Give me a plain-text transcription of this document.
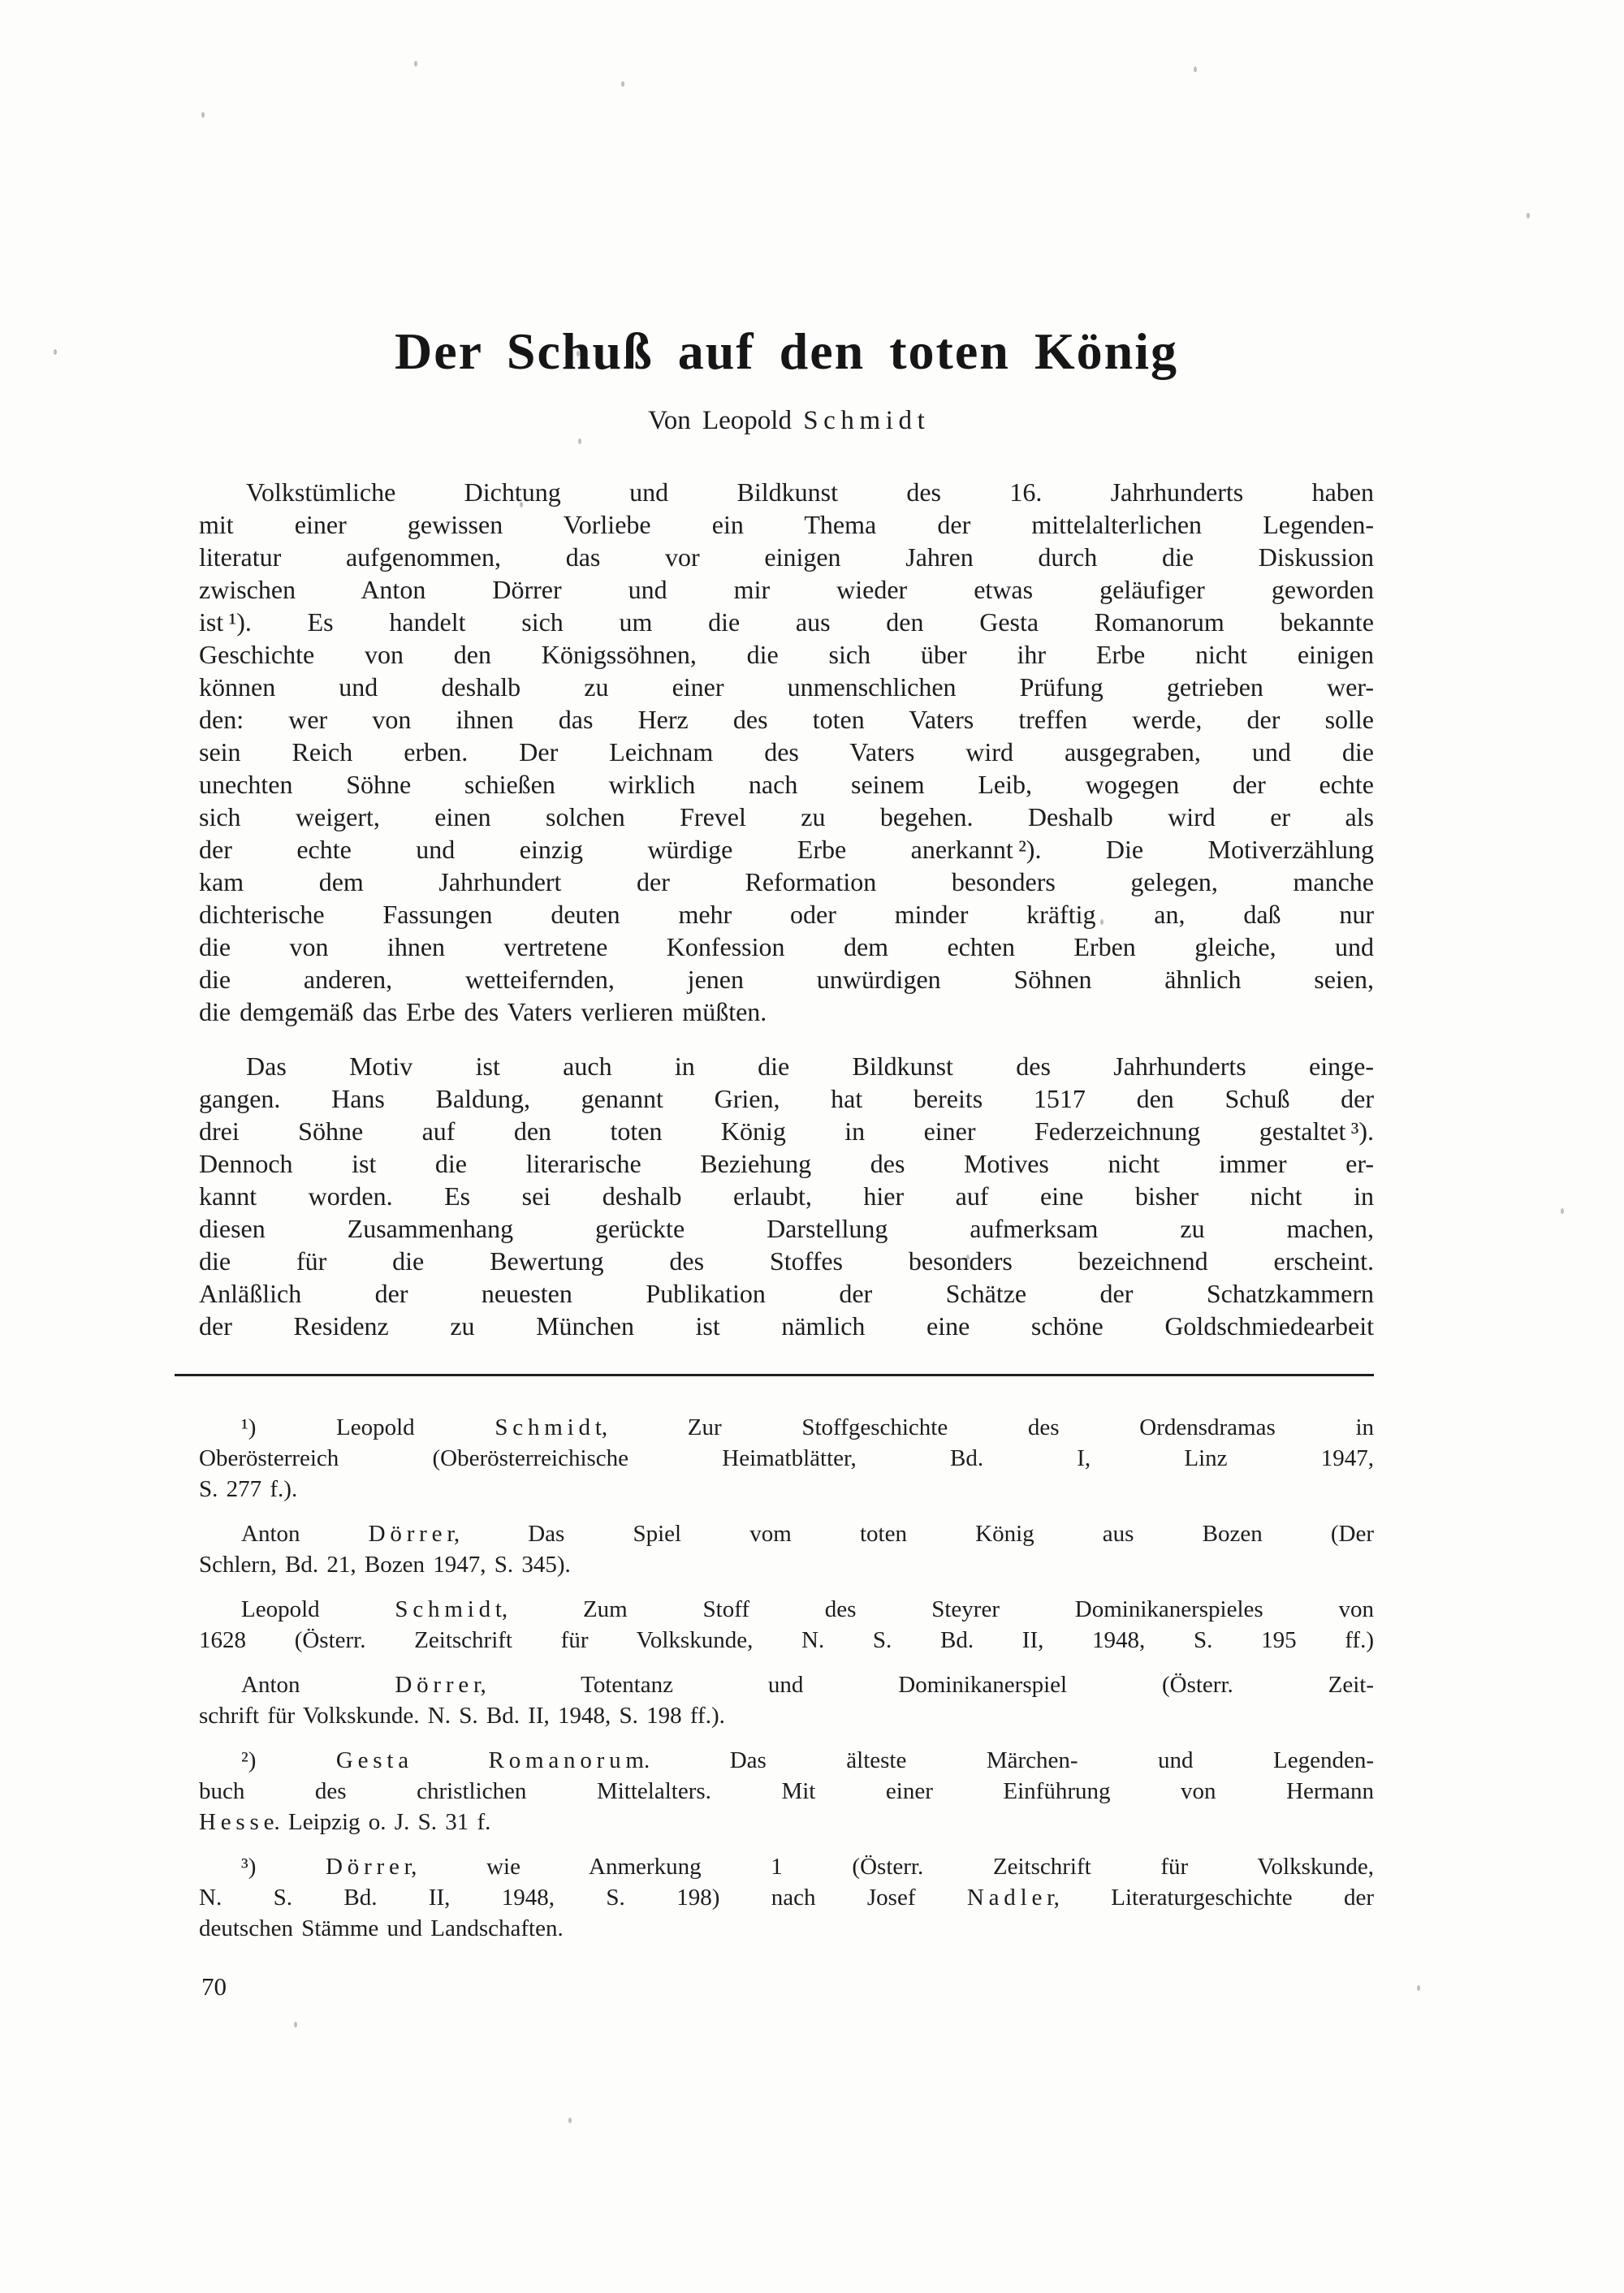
Der Schuß auf den toten König
Von Leopold S c h m i d t
Volkstümliche Dichtung und Bildkunst des 16. Jahrhunderts haben
mit einer gewissen Vorliebe ein Thema der mittelalterlichen Legenden-
literatur aufgenommen, das vor einigen Jahren durch die Diskussion
zwischen Anton Dörrer und mir wieder etwas geläufiger geworden
ist ¹). Es handelt sich um die aus den Gesta Romanorum bekannte
Geschichte von den Königssöhnen, die sich über ihr Erbe nicht einigen
können und deshalb zu einer unmenschlichen Prüfung getrieben wer-
den: wer von ihnen das Herz des toten Vaters treffen werde, der solle
sein Reich erben. Der Leichnam des Vaters wird ausgegraben, und die
unechten Söhne schießen wirklich nach seinem Leib, wogegen der echte
sich weigert, einen solchen Frevel zu begehen. Deshalb wird er als
der echte und einzig würdige Erbe anerkannt ²). Die Motiverzählung
kam dem Jahrhundert der Reformation besonders gelegen, manche
dichterische Fassungen deuten mehr oder minder kräftig an, daß nur
die von ihnen vertretene Konfession dem echten Erben gleiche, und
die anderen, wetteifernden, jenen unwürdigen Söhnen ähnlich seien,
die demgemäß das Erbe des Vaters verlieren müßten.
Das Motiv ist auch in die Bildkunst des Jahrhunderts einge-
gangen. Hans Baldung, genannt Grien, hat bereits 1517 den Schuß der
drei Söhne auf den toten König in einer Federzeichnung gestaltet ³).
Dennoch ist die literarische Beziehung des Motives nicht immer er-
kannt worden. Es sei deshalb erlaubt, hier auf eine bisher nicht in
diesen Zusammenhang gerückte Darstellung aufmerksam zu machen,
die für die Bewertung des Stoffes besonders bezeichnend erscheint.
Anläßlich der neuesten Publikation der Schätze der Schatzkammern
der Residenz zu München ist nämlich eine schöne Goldschmiedearbeit
¹) Leopold S c h m i d t, Zur Stoffgeschichte des Ordensdramas in
Oberösterreich (Oberösterreichische Heimatblätter, Bd. I, Linz 1947,
S. 277 f.).
Anton D ö r r e r, Das Spiel vom toten König aus Bozen (Der
Schlern, Bd. 21, Bozen 1947, S. 345).
Leopold S c h m i d t, Zum Stoff des Steyrer Dominikanerspieles von
1628 (Österr. Zeitschrift für Volkskunde, N. S. Bd. II, 1948, S. 195 ff.)
Anton D ö r r e r, Totentanz und Dominikanerspiel (Österr. Zeit-
schrift für Volkskunde. N. S. Bd. II, 1948, S. 198 ff.).
²) G e s t a R o m a n o r u m. Das älteste Märchen- und Legenden-
buch des christlichen Mittelalters. Mit einer Einführung von Hermann
H e s s e. Leipzig o. J. S. 31 f.
³) D ö r r e r, wie Anmerkung 1 (Österr. Zeitschrift für Volkskunde,
N. S. Bd. II, 1948, S. 198) nach Josef N a d l e r, Literaturgeschichte der
deutschen Stämme und Landschaften.
70
